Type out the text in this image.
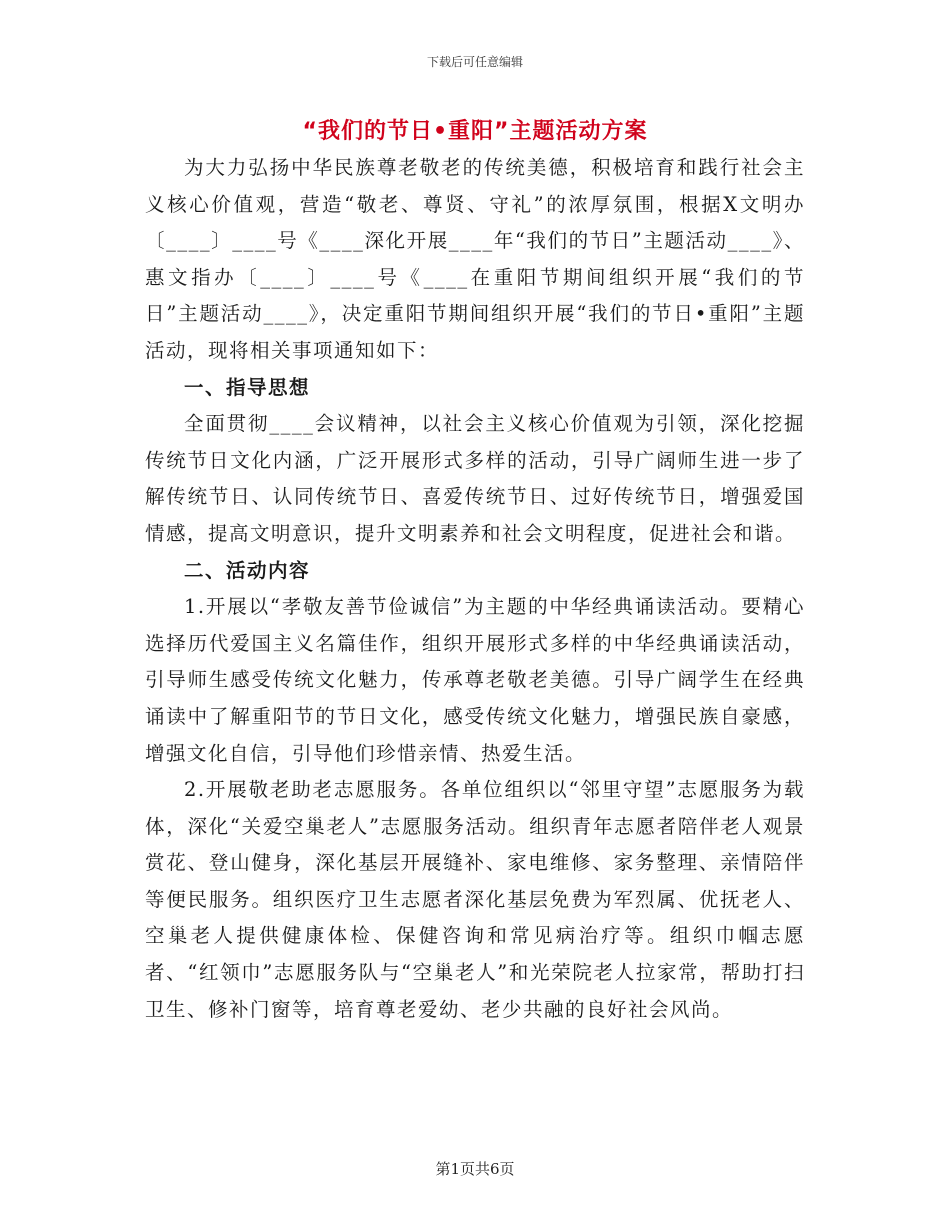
下载后可任意编辑
“我们的节日•重阳”主题活动方案

为大力弘扬中华民族尊老敬老的传统美德，积极培育和践行社会主义核心价值观，营造“敬老、尊贤、守礼”的浓厚氛围，根据X文明办〔____〕____号《____深化开展____年“我们的节日”主题活动____》、惠文指办〔____〕____号《____在重阳节期间组织开展“我们的节日”主题活动____》，决定重阳节期间组织开展“我们的节日•重阳”主题活动，现将相关事项通知如下：

一、指导思想

全面贯彻____会议精神，以社会主义核心价值观为引领，深化挖掘传统节日文化内涵，广泛开展形式多样的活动，引导广阔师生进一步了解传统节日、认同传统节日、喜爱传统节日、过好传统节日，增强爱国情感，提高文明意识，提升文明素养和社会文明程度，促进社会和谐。

二、活动内容

1.开展以“孝敬友善节俭诚信”为主题的中华经典诵读活动。要精心选择历代爱国主义名篇佳作，组织开展形式多样的中华经典诵读活动，引导师生感受传统文化魅力，传承尊老敬老美德。引导广阔学生在经典诵读中了解重阳节的节日文化，感受传统文化魅力，增强民族自豪感，增强文化自信，引导他们珍惜亲情、热爱生活。

2.开展敬老助老志愿服务。各单位组织以“邻里守望”志愿服务为载体，深化“关爱空巢老人”志愿服务活动。组织青年志愿者陪伴老人观景赏花、登山健身，深化基层开展缝补、家电维修、家务整理、亲情陪伴等便民服务。组织医疗卫生志愿者深化基层免费为军烈属、优抚老人、空巢老人提供健康体检、保健咨询和常见病治疗等。组织巾帼志愿者、“红领巾”志愿服务队与“空巢老人”和光荣院老人拉家常，帮助打扫卫生、修补门窗等，培育尊老爱幼、老少共融的良好社会风尚。

第1页共6页
